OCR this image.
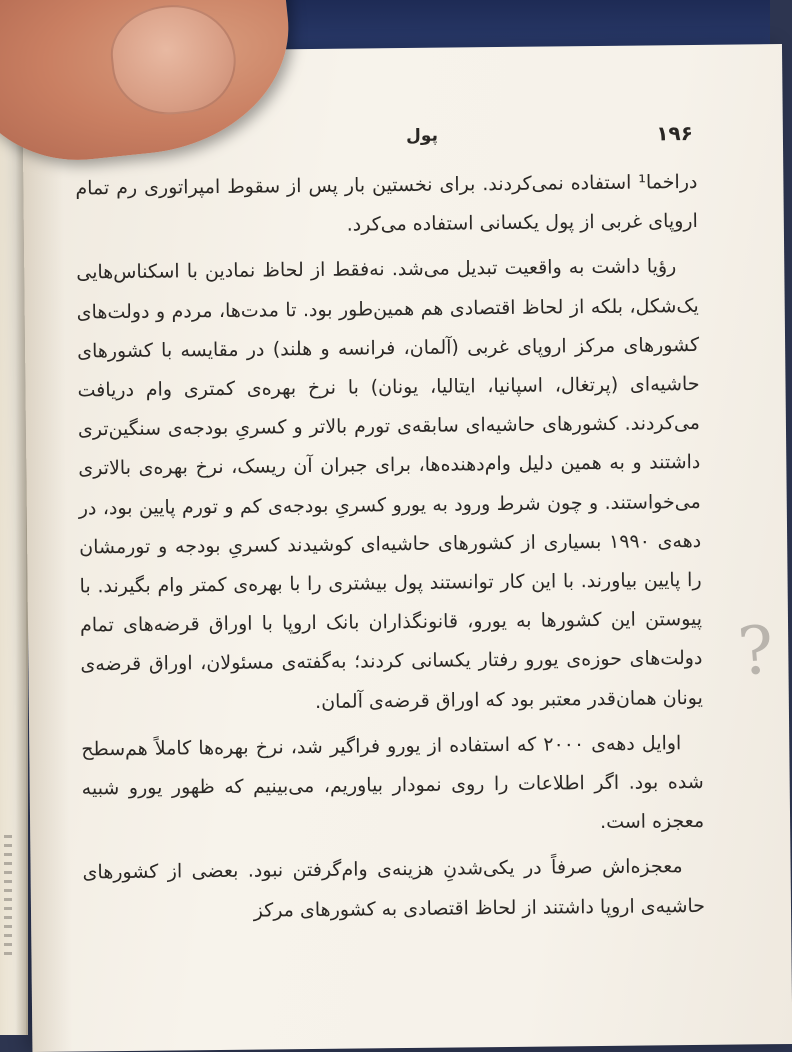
۱۹۶
پول

دراخما¹ استفاده نمی‌کردند. برای نخستین بار پس از سقوط امپراتوری رم تمام اروپای غربی از پول یکسانی استفاده می‌کرد.

رؤیا داشت به واقعیت تبدیل می‌شد. نه‌فقط از لحاظ نمادین با اسکناس‌هایی یک‌شکل، بلکه از لحاظ اقتصادی هم همین‌طور بود. تا مدت‌ها، مردم و دولت‌های کشورهای مرکز اروپای غربی (آلمان، فرانسه و هلند) در مقایسه با کشورهای حاشیه‌ای (پرتغال، اسپانیا، ایتالیا، یونان) با نرخ بهره‌ی کمتری وام دریافت می‌کردند. کشورهای حاشیه‌ای سابقه‌ی تورم بالاتر و کسریِ بودجه‌ی سنگین‌تری داشتند و به همین دلیل وام‌دهنده‌ها، برای جبران آن ریسک، نرخ بهره‌ی بالاتری می‌خواستند. و چون شرط ورود به یورو کسریِ بودجه‌ی کم و تورم پایین بود، در دهه‌ی ۱۹۹۰ بسیاری از کشورهای حاشیه‌ای کوشیدند کسریِ بودجه و تورمشان را پایین بیاورند. با این کار توانستند پول بیشتری را با بهره‌ی کمتر وام بگیرند. با پیوستن این کشورها به یورو، قانونگذاران بانک اروپا با اوراق قرضه‌های تمام دولت‌های حوزه‌ی یورو رفتار یکسانی کردند؛ به‌گفته‌ی مسئولان، اوراق قرضه‌ی یونان همان‌قدر معتبر بود که اوراق قرضه‌ی آلمان.

اوایل دهه‌ی ۲۰۰۰ که استفاده از یورو فراگیر شد، نرخ بهره‌ها کاملاً هم‌سطح شده بود. اگر اطلاعات را روی نمودار بیاوریم، می‌بینیم که ظهور یورو شبیه معجزه است.

معجزه‌اش صرفاً در یکی‌شدنِ هزینه‌ی وام‌گرفتن نبود. بعضی از کشورهای حاشیه‌ی اروپا داشتند از لحاظ اقتصادی به کشورهای مرکز

?
